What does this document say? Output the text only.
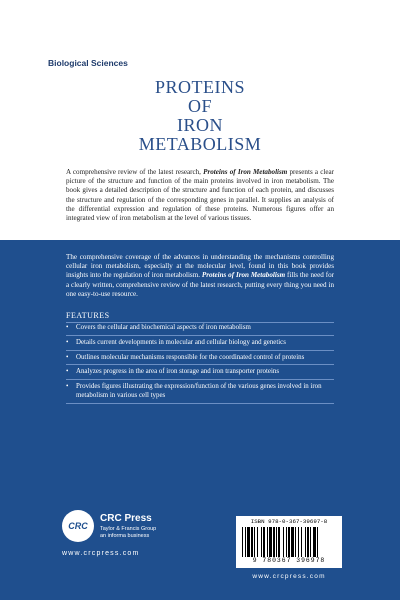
Biological Sciences
PROTEINS
OF
IRON
METABOLISM
A comprehensive review of the latest research, Proteins of Iron Metabolism presents a clear picture of the structure and function of the main proteins involved in iron metabolism. The book gives a detailed description of the structure and function of each protein, and discusses the structure and regulation of the corresponding genes in parallel. It supplies an analysis of the differential expression and regulation of these proteins. Numerous figures offer an integrated view of iron metabolism at the level of various tissues.
The comprehensive coverage of the advances in understanding the mechanisms controlling cellular iron metabolism, especially at the molecular level, found in this book provides insights into the regulation of iron metabolism. Proteins of Iron Metabolism fills the need for a clearly written, comprehensive review of the latest research, putting every thing you need in one easy-to-use resource.
FEATURES
• Covers the cellular and biochemical aspects of iron metabolism
• Details current developments in molecular and cellular biology and genetics
• Outlines molecular mechanisms responsible for the coordinated control of proteins
• Analyzes progress in the area of iron storage and iron transporter proteins
• Provides figures illustrating the expression/function of the various genes involved in iron metabolism in various cell types
CRC
CRC Press
Taylor & Francis Group
an informa business
www.crcpress.com
ISBN 978-0-367-39697-8
9 780367 396978
www.crcpress.com
